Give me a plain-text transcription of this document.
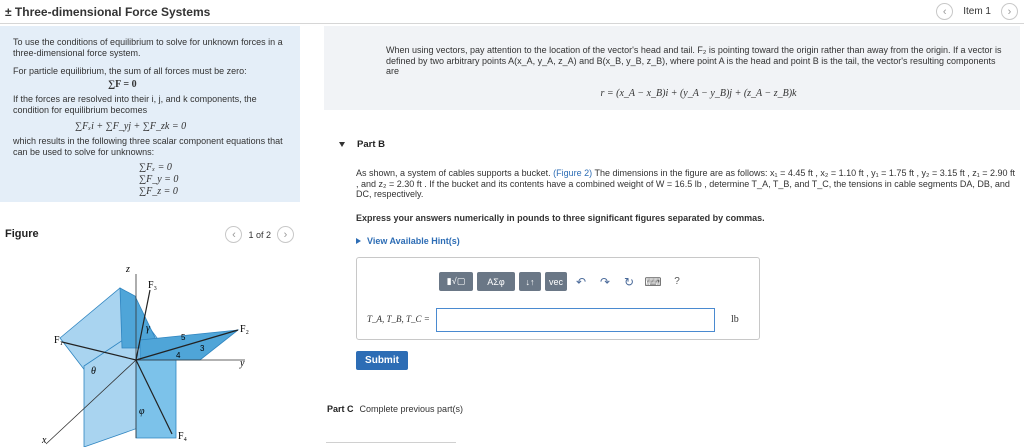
± Three-dimensional Force Systems	‹	Item 1	›

To use the conditions of equilibrium to solve for unknown forces in a three-dimensional force system.

For particle equilibrium, the sum of all forces must be zero:

∑F = 0

If the forces are resolved into their i, j, and k components, the condition for equilibrium becomes

∑Fₓi + ∑F_yj + ∑F_zk = 0

which results in the following three scalar component equations that can be used to solve for unknowns:

∑Fₓ = 0
∑F_y = 0
∑F_z = 0
Figure	‹ 1 of 2 ›
z
y
x
F₁
F₂
F₃
F₄
γ
θ
φ
3
4
5

When using vectors, pay attention to the location of the vector's head and tail. F₂ is pointing toward the origin rather than away from the origin. If a vector is defined by two arbitrary points A(x_A, y_A, z_A) and B(x_B, y_B, z_B), where point A is the head and point B is the tail, the vector's resulting components are

r = (x_A − x_B)i + (y_A − y_B)j + (z_A − z_B)k
Part B
As shown, a system of cables supports a bucket. (Figure 2) The dimensions in the figure are as follows: x₁ = 4.45 ft , x₂ = 1.10 ft , y₁ = 1.75 ft , y₂ = 3.15 ft , z₁ = 2.90 ft , and z₂ = 2.30 ft . If the bucket and its contents have a combined weight of W = 16.5 lb , determine T_A, T_B, and T_C, the tensions in cable segments DA, DB, and DC, respectively.
Express your answers numerically in pounds to three significant figures separated by commas.
View Available Hint(s)
▮√▢	ΑΣφ	↓↑	vec	↶	↷	↻ ⌨	?
T_A, T_B, T_C =	lb
Submit
Part C Complete previous part(s)
